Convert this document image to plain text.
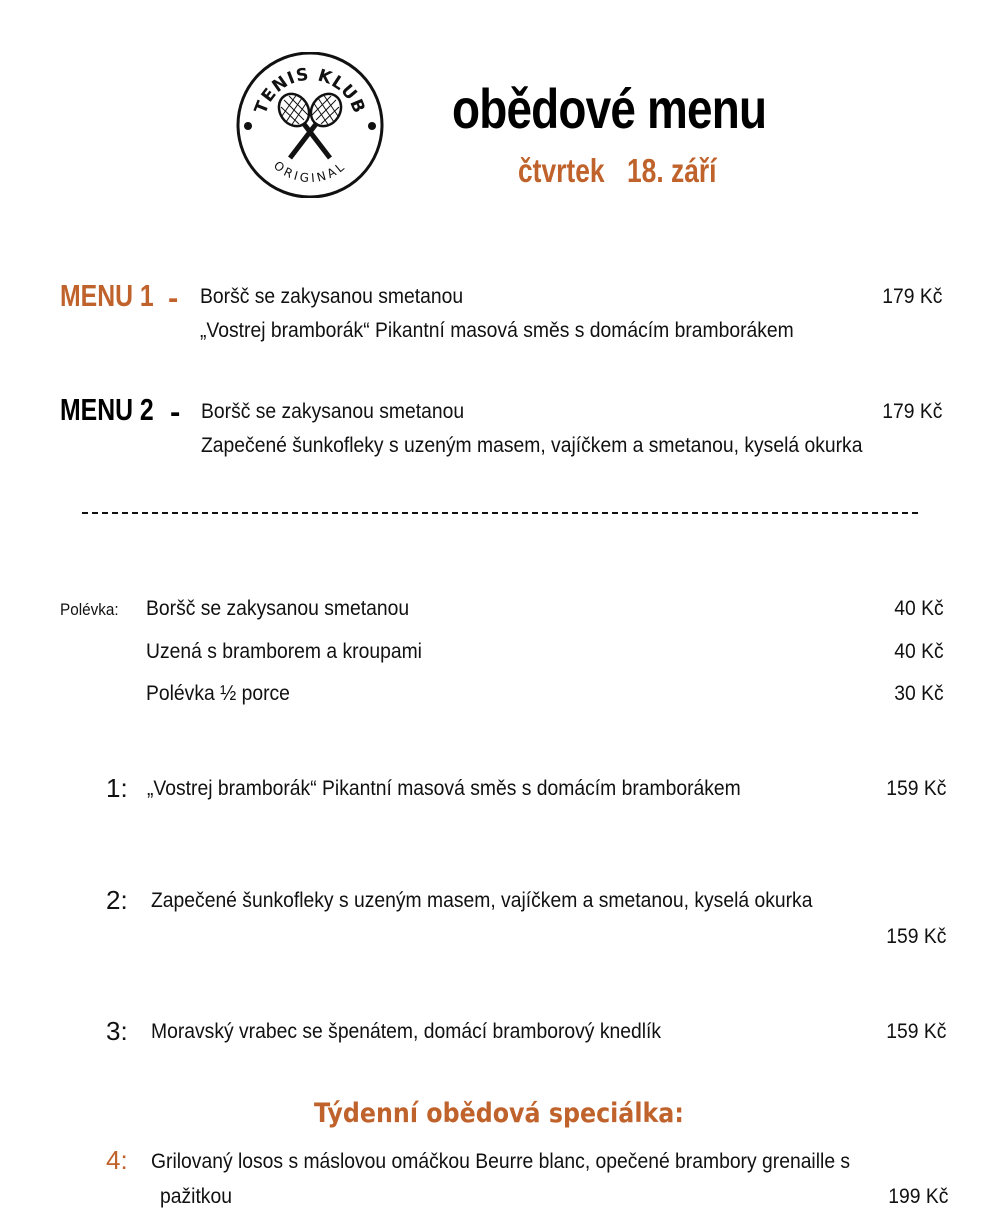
TENIS KLUB
ORIGINAL
obědové menu
čtvrtek 18. září
MENU 1 - Boršč se zakysanou smetanou	179 Kč
„Vostrej bramborák“ Pikantní masová směs s domácím bramborákem
MENU 2 - Boršč se zakysanou smetanou	179 Kč
Zapečené šunkofleky s uzeným masem, vajíčkem a smetanou, kyselá okurka
Polévka: Boršč se zakysanou smetanou	40 Kč
Uzená s bramborem a kroupami	40 Kč
Polévka ½ porce	30 Kč
1: „Vostrej bramborák“ Pikantní masová směs s domácím bramborákem	159 Kč
2: Zapečené šunkofleky s uzeným masem, vajíčkem a smetanou, kyselá okurka
159 Kč
3: Moravský vrabec se špenátem, domácí bramborový knedlík	159 Kč
Týdenní obědová speciálka:
4: Grilovaný losos s máslovou omáčkou Beurre blanc, opečené brambory grenaille s
pažitkou	199 Kč
